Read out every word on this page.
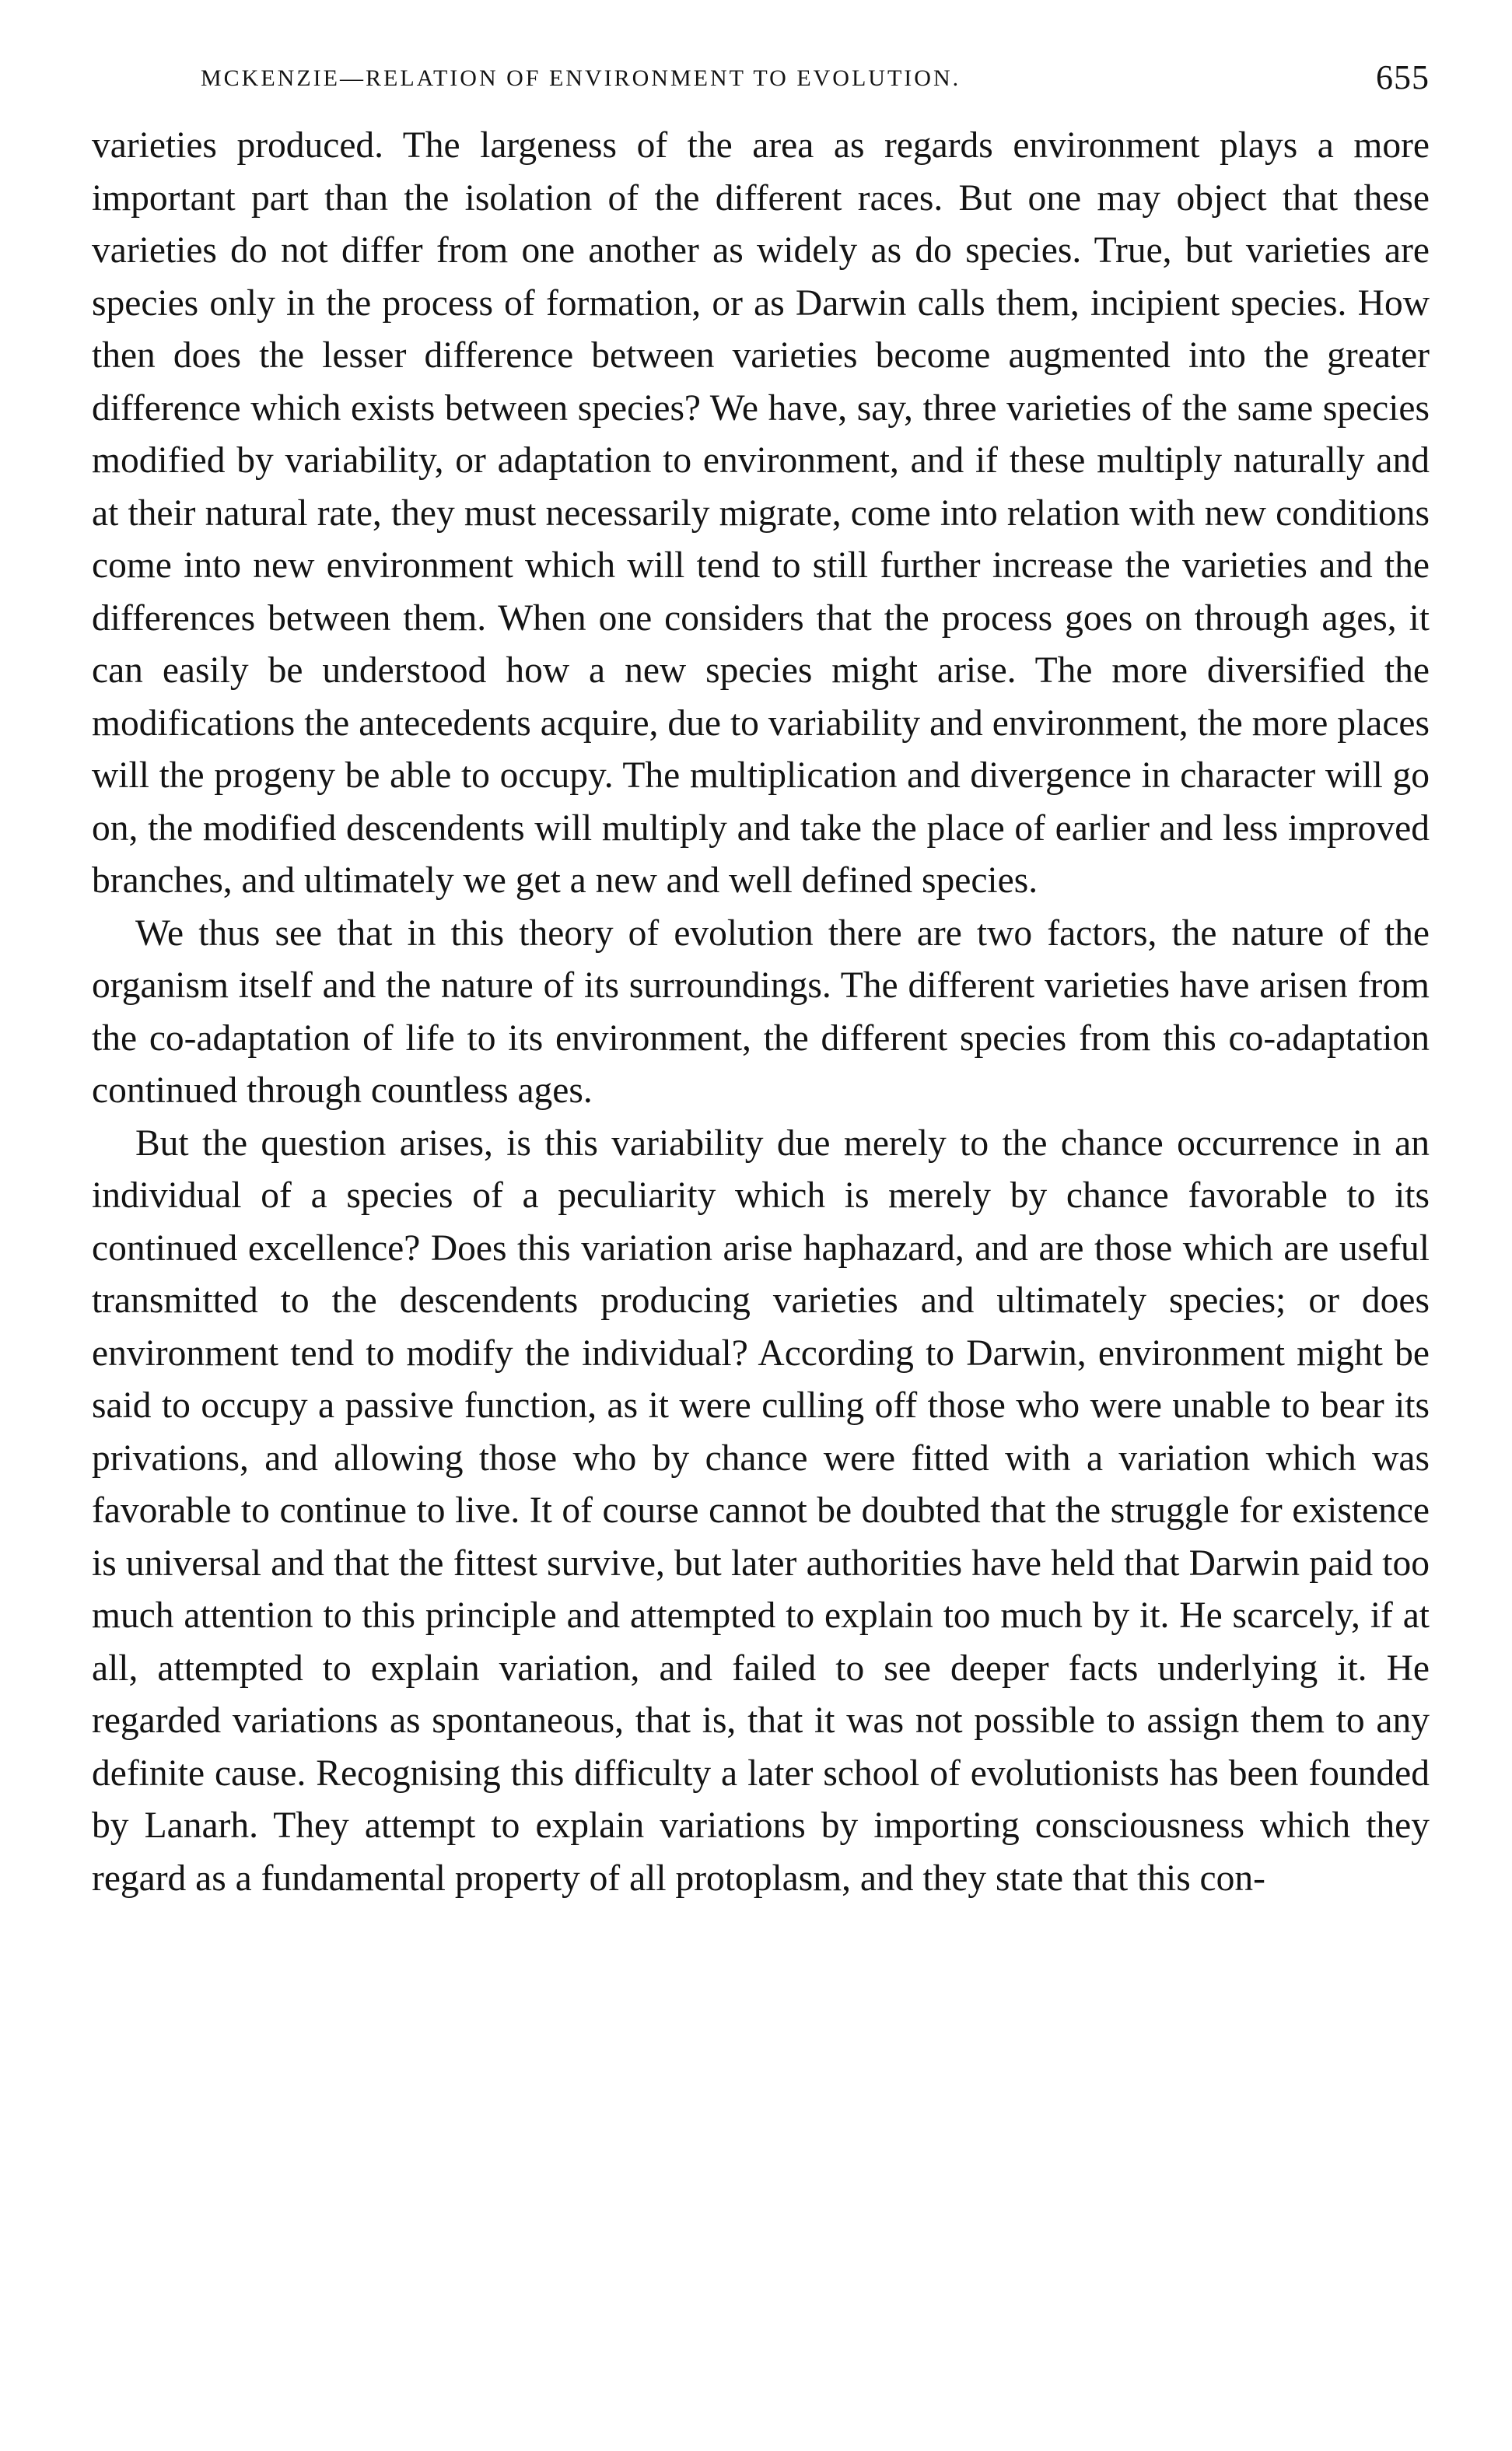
MCKENZIE—RELATION OF ENVIRONMENT TO EVOLUTION.	655

varieties produced. The largeness of the area as regards environment plays a more important part than the isolation of the different races. But one may object that these varieties do not differ from one another as widely as do species. True, but varieties are species only in the process of formation, or as Darwin calls them, incipient species. How then does the lesser difference between varieties become augmented into the greater difference which exists between species? We have, say, three varieties of the same species modified by variability, or adaptation to environment, and if these multiply naturally and at their natural rate, they must necessarily migrate, come into relation with new conditions come into new environment which will tend to still further increase the varieties and the differences between them. When one considers that the process goes on through ages, it can easily be understood how a new species might arise. The more diversified the modifications the antecedents acquire, due to variability and environment, the more places will the progeny be able to occupy. The multiplication and divergence in character will go on, the modified descendents will multiply and take the place of earlier and less improved branches, and ultimately we get a new and well defined species.

We thus see that in this theory of evolution there are two factors, the nature of the organism itself and the nature of its surroundings. The different varieties have arisen from the co-adaptation of life to its environment, the different species from this co-adaptation continued through countless ages.

But the question arises, is this variability due merely to the chance occurrence in an individual of a species of a peculiarity which is merely by chance favorable to its continued excellence? Does this variation arise haphazard, and are those which are useful transmitted to the descendents producing varieties and ultimately species; or does environment tend to modify the individual? According to Darwin, environment might be said to occupy a passive function, as it were culling off those who were unable to bear its privations, and allowing those who by chance were fitted with a variation which was favorable to continue to live. It of course cannot be doubted that the struggle for existence is universal and that the fittest survive, but later authorities have held that Darwin paid too much attention to this principle and attempted to explain too much by it. He scarcely, if at all, attempted to explain variation, and failed to see deeper facts underlying it. He regarded variations as spontaneous, that is, that it was not possible to assign them to any definite cause. Recognising this difficulty a later school of evolutionists has been founded by Lanarh. They attempt to explain variations by importing consciousness which they regard as a fundamental property of all protoplasm, and they state that this con-
